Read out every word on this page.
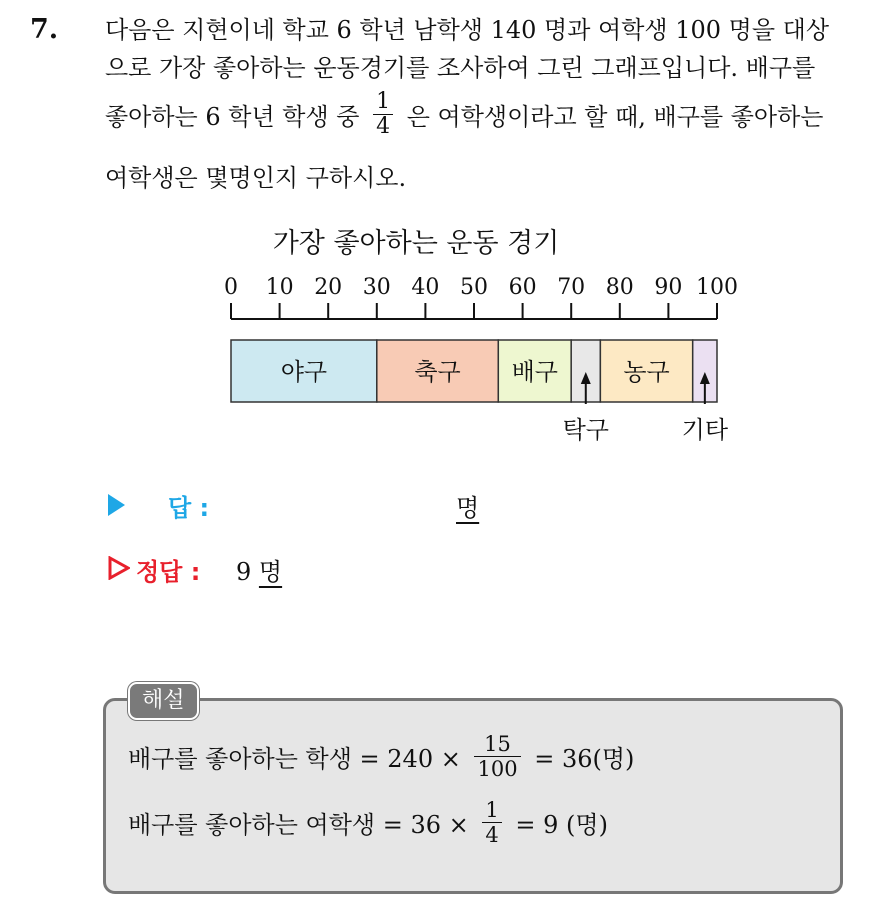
7. 다음은 지현이네 학교 6 학년 남학생 140 명과 여학생 100 명을 대상
으로 가장 좋아하는 운동경기를 조사하여 그린 그래프입니다. 배구를
좋아하는 6 학년 학생 중 $\frac{1}{4}$ 은 여학생이라고 할 때, 배구를 좋아하는
여학생은 몇명인지 구하시오.
가장 좋아하는 운동 경기
0 10 20 30 40 50 60 70 80 90 100
야구	축구 배구
탁구
농구
기타
답 :	명
정답 : 9 명
해설
배구를 좋아하는 학생 = $240 \times \frac{15}{100} = 36$(명)
배구를 좋아하는 여학생 = $36 \times \frac{1}{4} = 9$ (명)
